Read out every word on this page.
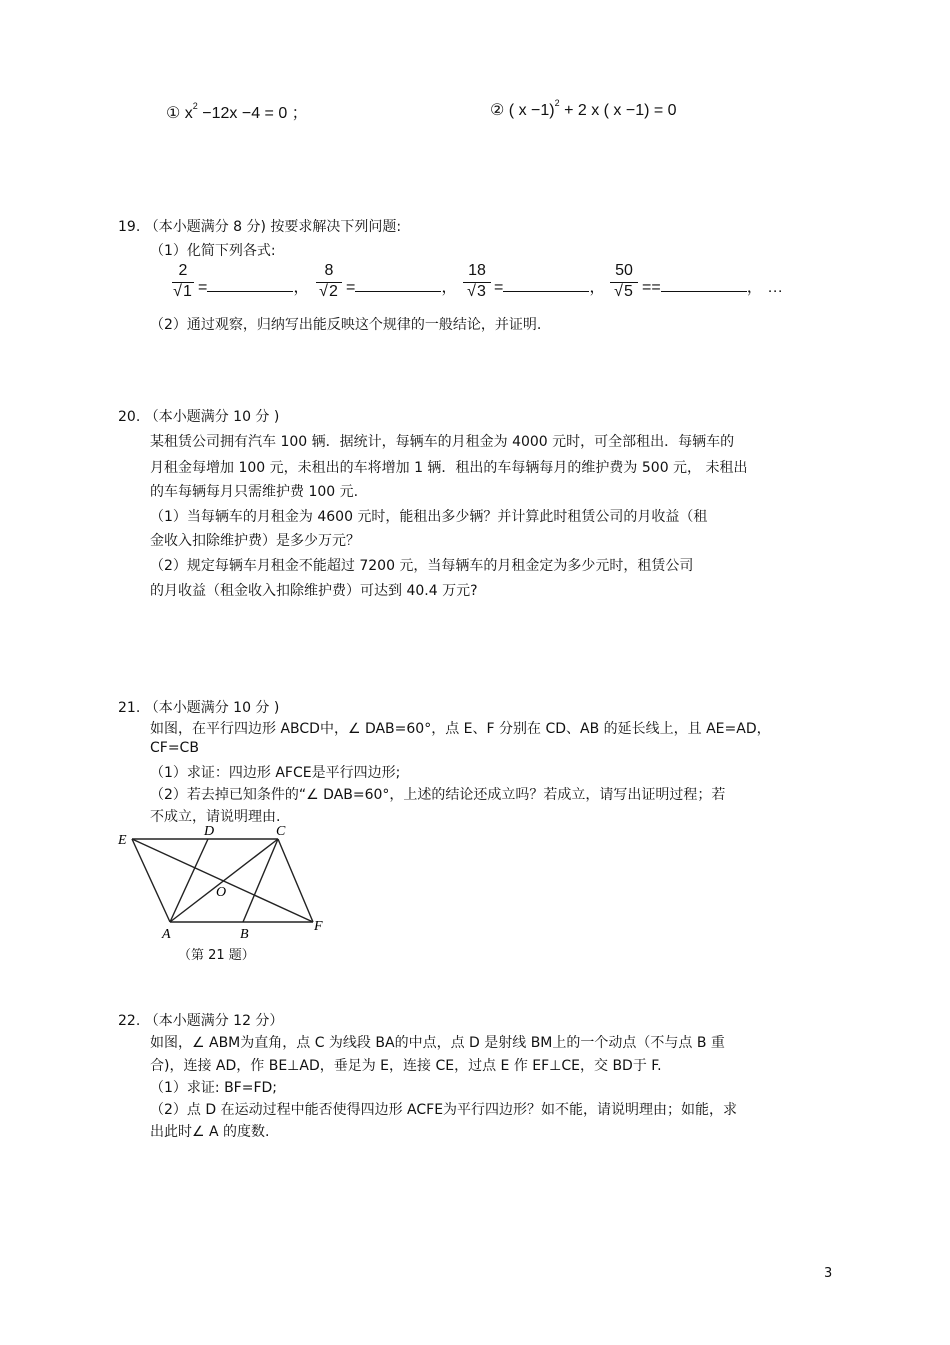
① $x^2 -12x -4 = 0$ ；	② ( x −1)$^2$ + 2 x ( x −1) = 0
19. （本小题满分 8 分) 按要求解决下列问题:
（1）化简下列各式:
2
√1 =	，
8
√2 =	，
18
√3 =	，
50
√5 ==	， …
（2）通过观察，归纳写出能反映这个规律的一般结论，并证明.
20. （本小题满分 10 分 )
某租赁公司拥有汽车 100 辆．据统计，每辆车的月租金为 4000 元时，可全部租出．每辆车的
月租金每增加 100 元，未租出的车将增加 1 辆．租出的车每辆每月的维护费为 500 元， 未租出
的车每辆每月只需维护费 100 元.
（1）当每辆车的月租金为 4600 元时，能租出多少辆？并计算此时租赁公司的月收益（租
金收入扣除维护费）是多少万元？
（2）规定每辆车月租金不能超过 7200 元，当每辆车的月租金定为多少元时，租赁公司
的月收益（租金收入扣除维护费）可达到 40.4 万元?
21. （本小题满分 10 分 )
如图，在平行四边形 ABCD中，∠ DAB=60°，点 E、F 分别在 CD、AB 的延长线上，且 AE=AD，
CF=CB
（1）求证：四边形 AFCE是平行四边形;
（2）若去掉已知条件的“∠ DAB=60°，上述的结论还成立吗？若成立，请写出证明过程；若
不成立，请说明理由.
E
D	C
O
A	B
F
（第 21 题）
22. （本小题满分 12 分）
如图，∠ ABM为直角，点 C 为线段 BA的中点，点 D 是射线 BM上的一个动点（不与点 B 重
合)，连接 AD，作 BE⊥AD，垂足为 E，连接 CE，过点 E 作 EF⊥CE，交 BD于 F.
（1）求证: BF=FD;
（2）点 D 在运动过程中能否使得四边形 ACFE为平行四边形？如不能，请说明理由；如能，求
出此时∠ A 的度数.
3
